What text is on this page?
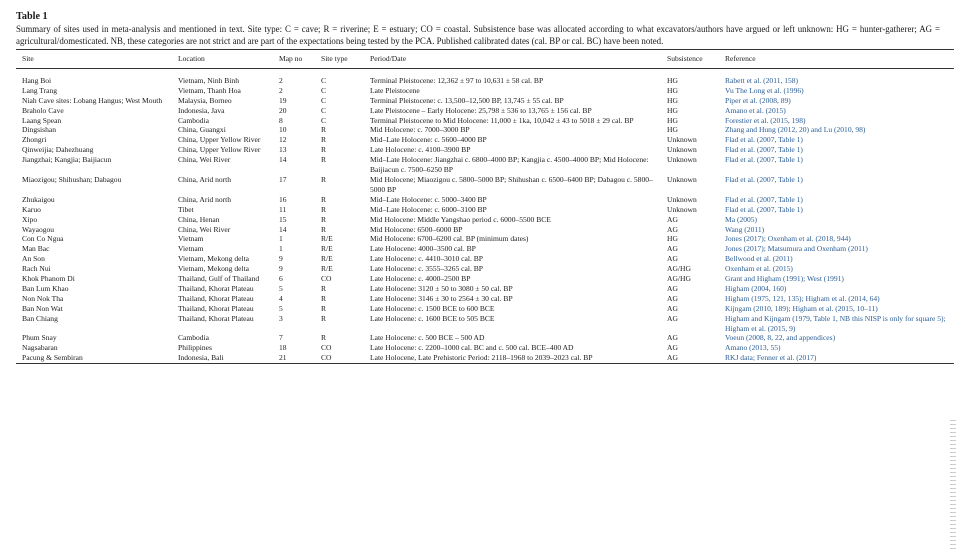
Table 1

Summary of sites used in meta-analysis and mentioned in text. Site type: C = cave; R = riverine; E = estuary; CO = coastal. Subsistence base was allocated according to what excavators/authors have argued or left unknown: HG = hunter-gatherer; AG = agricultural/domesticated. NB, these categories are not strict and are part of the expectations being tested by the PCA. Published calibrated dates (cal. BP or cal. BC) have been noted.

Site	Location	Map no	Site type	Period/Date	Subsistence	Reference
Hang Boi	Vietnam, Ninh Binh	2	C	Terminal Pleistocene: 12,362 ± 97 to 10,631 ± 58 cal. BP	HG	Rabett et al. (2011, 158)
Lang Trang	Vietnam, Thanh Hoa	2	C	Late Pleistocene	HG	Vu The Long et al. (1996)
Niah Cave sites: Lobang Hangus; West Mouth	Malaysia, Borneo	19	C	Terminal Pleistocene: c. 13,500–12,500 BP, 13,745 ± 55 cal. BP	HG	Piper et al. (2008, 89)
Braholo Cave	Indonesia, Java	20	C	Late Pleistocene – Early Holocene: 25,798 ± 536 to 13,765 ± 156 cal. BP	HG	Amano et al. (2015)
Laang Spean	Cambodia	8	C	Terminal Pleistocene to Mid Holocene: 11,000 ± 1ka, 10,042 ± 43 to 5018 ± 29 cal. BP	HG	Forestier et al. (2015, 198)
Dingsishan	China, Guangxi	10	R	Mid Holocene: c. 7000–3000 BP	HG	Zhang and Hung (2012, 20) and Lu (2010, 98)
Zhongri	China, Upper Yellow River	12	R	Mid–Late Holocene: c. 5600–4000 BP	Unknown	Flad et al. (2007, Table 1)
Qinweijia; Dahezhuang	China, Upper Yellow River	13	R	Late Holocene: c. 4100–3900 BP	Unknown	Flad et al. (2007, Table 1)
Jiangzhai; Kangjia; Baijiacun	China, Wei River	14	R	Mid–Late Holocene: Jiangzhai c. 6800–4000 BP; Kangjia c. 4500–4000 BP; Mid Holocene: Baijiacun c. 7500–6250 BP	Unknown	Flad et al. (2007, Table 1)
Miaozigou; Shihushan; Dabagou	China, Arid north	17	R	Mid Holocene; Miaozigou c. 5800–5000 BP; Shihushan c. 6500–6400 BP; Dabagou c. 5800–5000 BP	Unknown	Flad et al. (2007, Table 1)
Zhukaigou	China, Arid north	16	R	Mid–Late Holocene: c. 5000–3400 BP	Unknown	Flad et al. (2007, Table 1)
Karuo	Tibet	11	R	Mid–Late Holocene: c. 6000–3100 BP	Unknown	Flad et al. (2007, Table 1)
Xipo	China, Henan	15	R	Mid Holocene: Middle Yangshao period c. 6000–5500 BCE	AG	Ma (2005)
Wayaogou	China, Wei River	14	R	Mid Holocene: 6500–6000 BP	AG	Wang (2011)
Con Co Ngua	Vietnam	1	R/E	Mid Holocene: 6700–6200 cal. BP (minimum dates)	HG	Jones (2017); Oxenham et al. (2018, 944)
Man Bac	Vietnam	1	R/E	Late Holocene: 4000–3500 cal. BP	AG	Jones (2017); Matsumura and Oxenham (2011)
An Son	Vietnam, Mekong delta	9	R/E	Late Holocene: c. 4410–3010 cal. BP	AG	Bellwood et al. (2011)
Rach Nui	Vietnam, Mekong delta	9	R/E	Late Holocene: c. 3555–3265 cal. BP	AG/HG	Oxenham et al. (2015)
Khok Phanom Di	Thailand, Gulf of Thailand	6	CO	Late Holocene: c. 4000–2500 BP	AG/HG	Grant and Higham (1991); West (1991)
Ban Lum Khao	Thailand, Khorat Plateau	5	R	Late Holocene: 3120 ± 50 to 3080 ± 50 cal. BP	AG	Higham (2004, 160)
Non Nok Tha	Thailand, Khorat Plateau	4	R	Late Holocene: 3146 ± 30 to 2564 ± 30 cal. BP	AG	Higham (1975, 121, 135); Higham et al. (2014, 64)
Ban Non Wat	Thailand, Khorat Plateau	5	R	Late Holocene: c. 1500 BCE to 600 BCE	AG	Kijngam (2010, 189); Higham et al. (2015, 10–11)
Ban Chiang	Thailand, Khorat Plateau	3	R	Late Holocene: c. 1600 BCE to 505 BCE	AG	Higham and Kijngam (1979, Table 1, NB this NISP is only for square 5); Higham et al. (2015, 9)
Phum Snay	Cambodia	7	R	Late Holocene: c. 500 BCE – 500 AD	AG	Voeun (2008, 8, 22, and appendices)
Nagsabaran	Philippines	18	CO	Late Holocene: c. 2200–1000 cal. BC and c. 500 cal. BCE–400 AD	AG	Amano (2013, 55)
Pacung & Sembiran	Indonesia, Bali	21	CO	Late Holocene, Late Prehistoric Period: 2118–1968 to 2039–2023 cal. BP	AG	RKJ data; Fenner et al. (2017)
